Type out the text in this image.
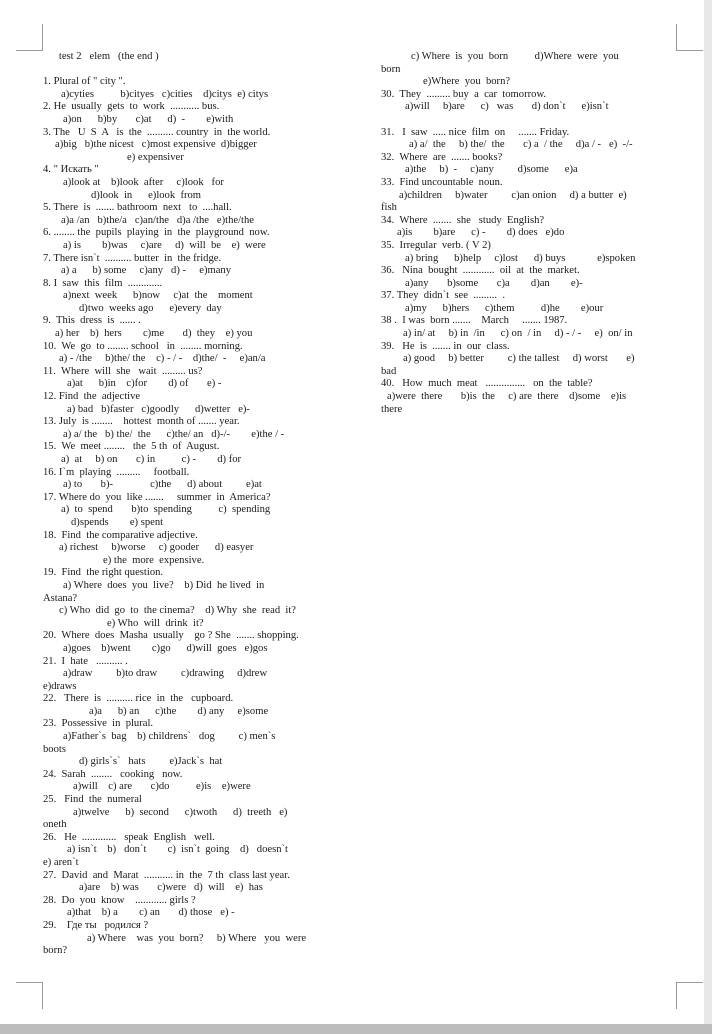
test 2   elem   (the end )

1. Plural of " city ".
a)cyties          b)cityes   c)cities    d)citys  e) citys
2. He  usually  gets  to  work  ........... bus.
a)on      b)by       c)at      d)  -        e)with
3. The   U  S  A   is  the  .......... country  in  the world.
a)big   b)the nicest   c)most expensive  d)bigger
e) expensiver
4. " Искать "
a)look at    b)look  after     c)look   for
d)look  in      e)look  from
5. There  is  ....... bathroom  next   to  ....hall.
a)a /an   b)the/a   c)an/the   d)a /the   e)the/the
6. ........ the  pupils  playing  in  the  playground  now.
a) is        b)was     c)are     d)  will  be    e)  were
7. There isn`t  .......... butter  in  the fridge.
a) a      b) some     c)any   d) -     e)many
8. I  saw  this  film  .............
a)next  week      b)now     c)at  the    moment
d)two  weeks ago      e)every  day
9.  This  dress  is  ...... .
a) her    b)  hers        c)me       d)  they    e) you
10.  We  go  to ........ school   in  ........ morning.
a) - /the     b)the/ the    c) - / -    d)the/  -     e)an/a
11.  Where  will  she   wait  ......... us?
a)at      b)in    c)for        d) of       e) -
12. Find  the  adjective
a) bad   b)faster   c)goodly      d)wetter   e)-
13. July  is ........    hottest  month of ....... year.
a) a/ the   b) the/  the      c)the/ an   d)-/-        e)the / -
15.  We  meet ........   the  5 th  of  August.
a)  at     b) on       c) in          c) -        d) for
16. I`m  playing  .........     football.
a) to       b)-              c)the      d) about         e)at
17. Where do  you  like .......     summer  in  America?
a)  to  spend       b)to  spending          c)  spending
d)spends        e) spent
18.  Find  the comparative adjective.
a) richest     b)worse     c) gooder      d) easyer
e) the  more  expensive.
19.  Find  the right question.
a) Where  does  you  live?    b) Did  he lived  in
Astana?
c) Who  did  go  to  the cinema?    d) Why  she  read  it?
e) Who  will  drink  it?
20.  Where  does  Masha  usually    go ? She  ....... shopping.
a)goes    b)went        c)go      d)will  goes   e)gos
21.  I  hate   .......... .
a)draw         b)to draw         c)drawing     d)drew
e)draws
22.   There  is  .......... rice  in  the   cupboard.
a)a      b) an      c)the        d) any     e)some
23.  Possessive  in  plural.
a)Father`s  bag    b) childrens`   dog         c) men`s
boots
d) girls`s`   hats         e)Jack`s  hat
24.  Sarah  ........   cooking   now.
a)will    c) are       c)do          e)is    e)were
25.   Find  the  numeral
a)twelve      b)  second      c)twoth      d)  treeth   e)
oneth
26.   He  .............   speak  English   well.
a) isn`t    b)   don`t        c)  isn`t  going    d)   doesn`t
e) aren`t
27.  David  and  Marat  ........... in  the  7 th  class last year.
a)are    b) was       c)were   d)  will    e)  has
28.  Do  you  know    ............ girls ?
a)that    b) a        c) an       d) those   e) -
29.    Где ты   родился ?
a) Where    was  you  born?     b) Where   you  were
born?
c) Where  is  you  born          d)Where  were  you
born
e)Where  you  born?
30.  They  ......... buy  a  car  tomorrow.
a)will     b)are      c)   was       d) don`t      e)isn`t

31.   I  saw  ..... nice  film  on     ....... Friday.
a) a/  the     b) the/  the       c) a  / the     d)a / -   e)  -/-
32.  Where  are  ....... books?
a)the     b)  -     c)any         d)some      e)a
33.  Find uncountable  noun.
a)children     b)water         c)an onion     d) a butter  e)
fish
34.  Where  .......  she   study  English?
a)is        b)are      c) -        d) does   e)do
35.  Irregular  verb. ( V 2)
a) bring      b)help     c)lost      d) buys            e)spoken
36.   Nina  bought  ............  oil  at  the  market.
a)any       b)some       c)a        d)an        e)-
37. They  didn`t  see  .........  .
a)my      b)hers      c)them          d)he        e)our
38 .  I was  born .......    March     ....... 1987.
a) in/ at     b) in  /in      c) on  / in     d) - / -     e)  on/ in
39.   He  is  ....... in  our  class.
a) good     b) better         c) the tallest     d) worst       e)
bad
40.   How  much  meat   ...............   on  the  table?
a)were  there       b)is  the     c) are  there    d)some    e)is
there
